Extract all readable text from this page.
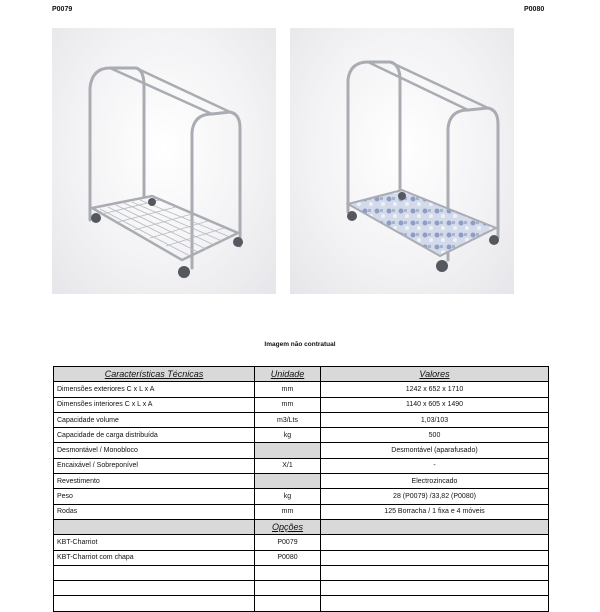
P0079	P0080
Imagem não contratual
Características Técnicas	Unidade	Valores
Dimensões exteriores C x L x A	mm	1242 x 652 x 1710
Dimensões interiores C x L x A	mm	1140 x 605 x 1490
Capacidade volume	m3/Lts	1,03/103
Capacidade de carga distribuída	kg	500
Desmontável / Monobloco		Desmontável (aparafusado)
Encaixável / Sobreponível	X/1	-
Revestimento		Electrozincado
Peso	kg	28 (P0079) /33,82 (P0080)
Rodas	mm	125 Borracha / 1 fixa e 4 móveis
	Opções	
KBT-Charriot	P0079	
KBT-Charriot com chapa	P0080	
